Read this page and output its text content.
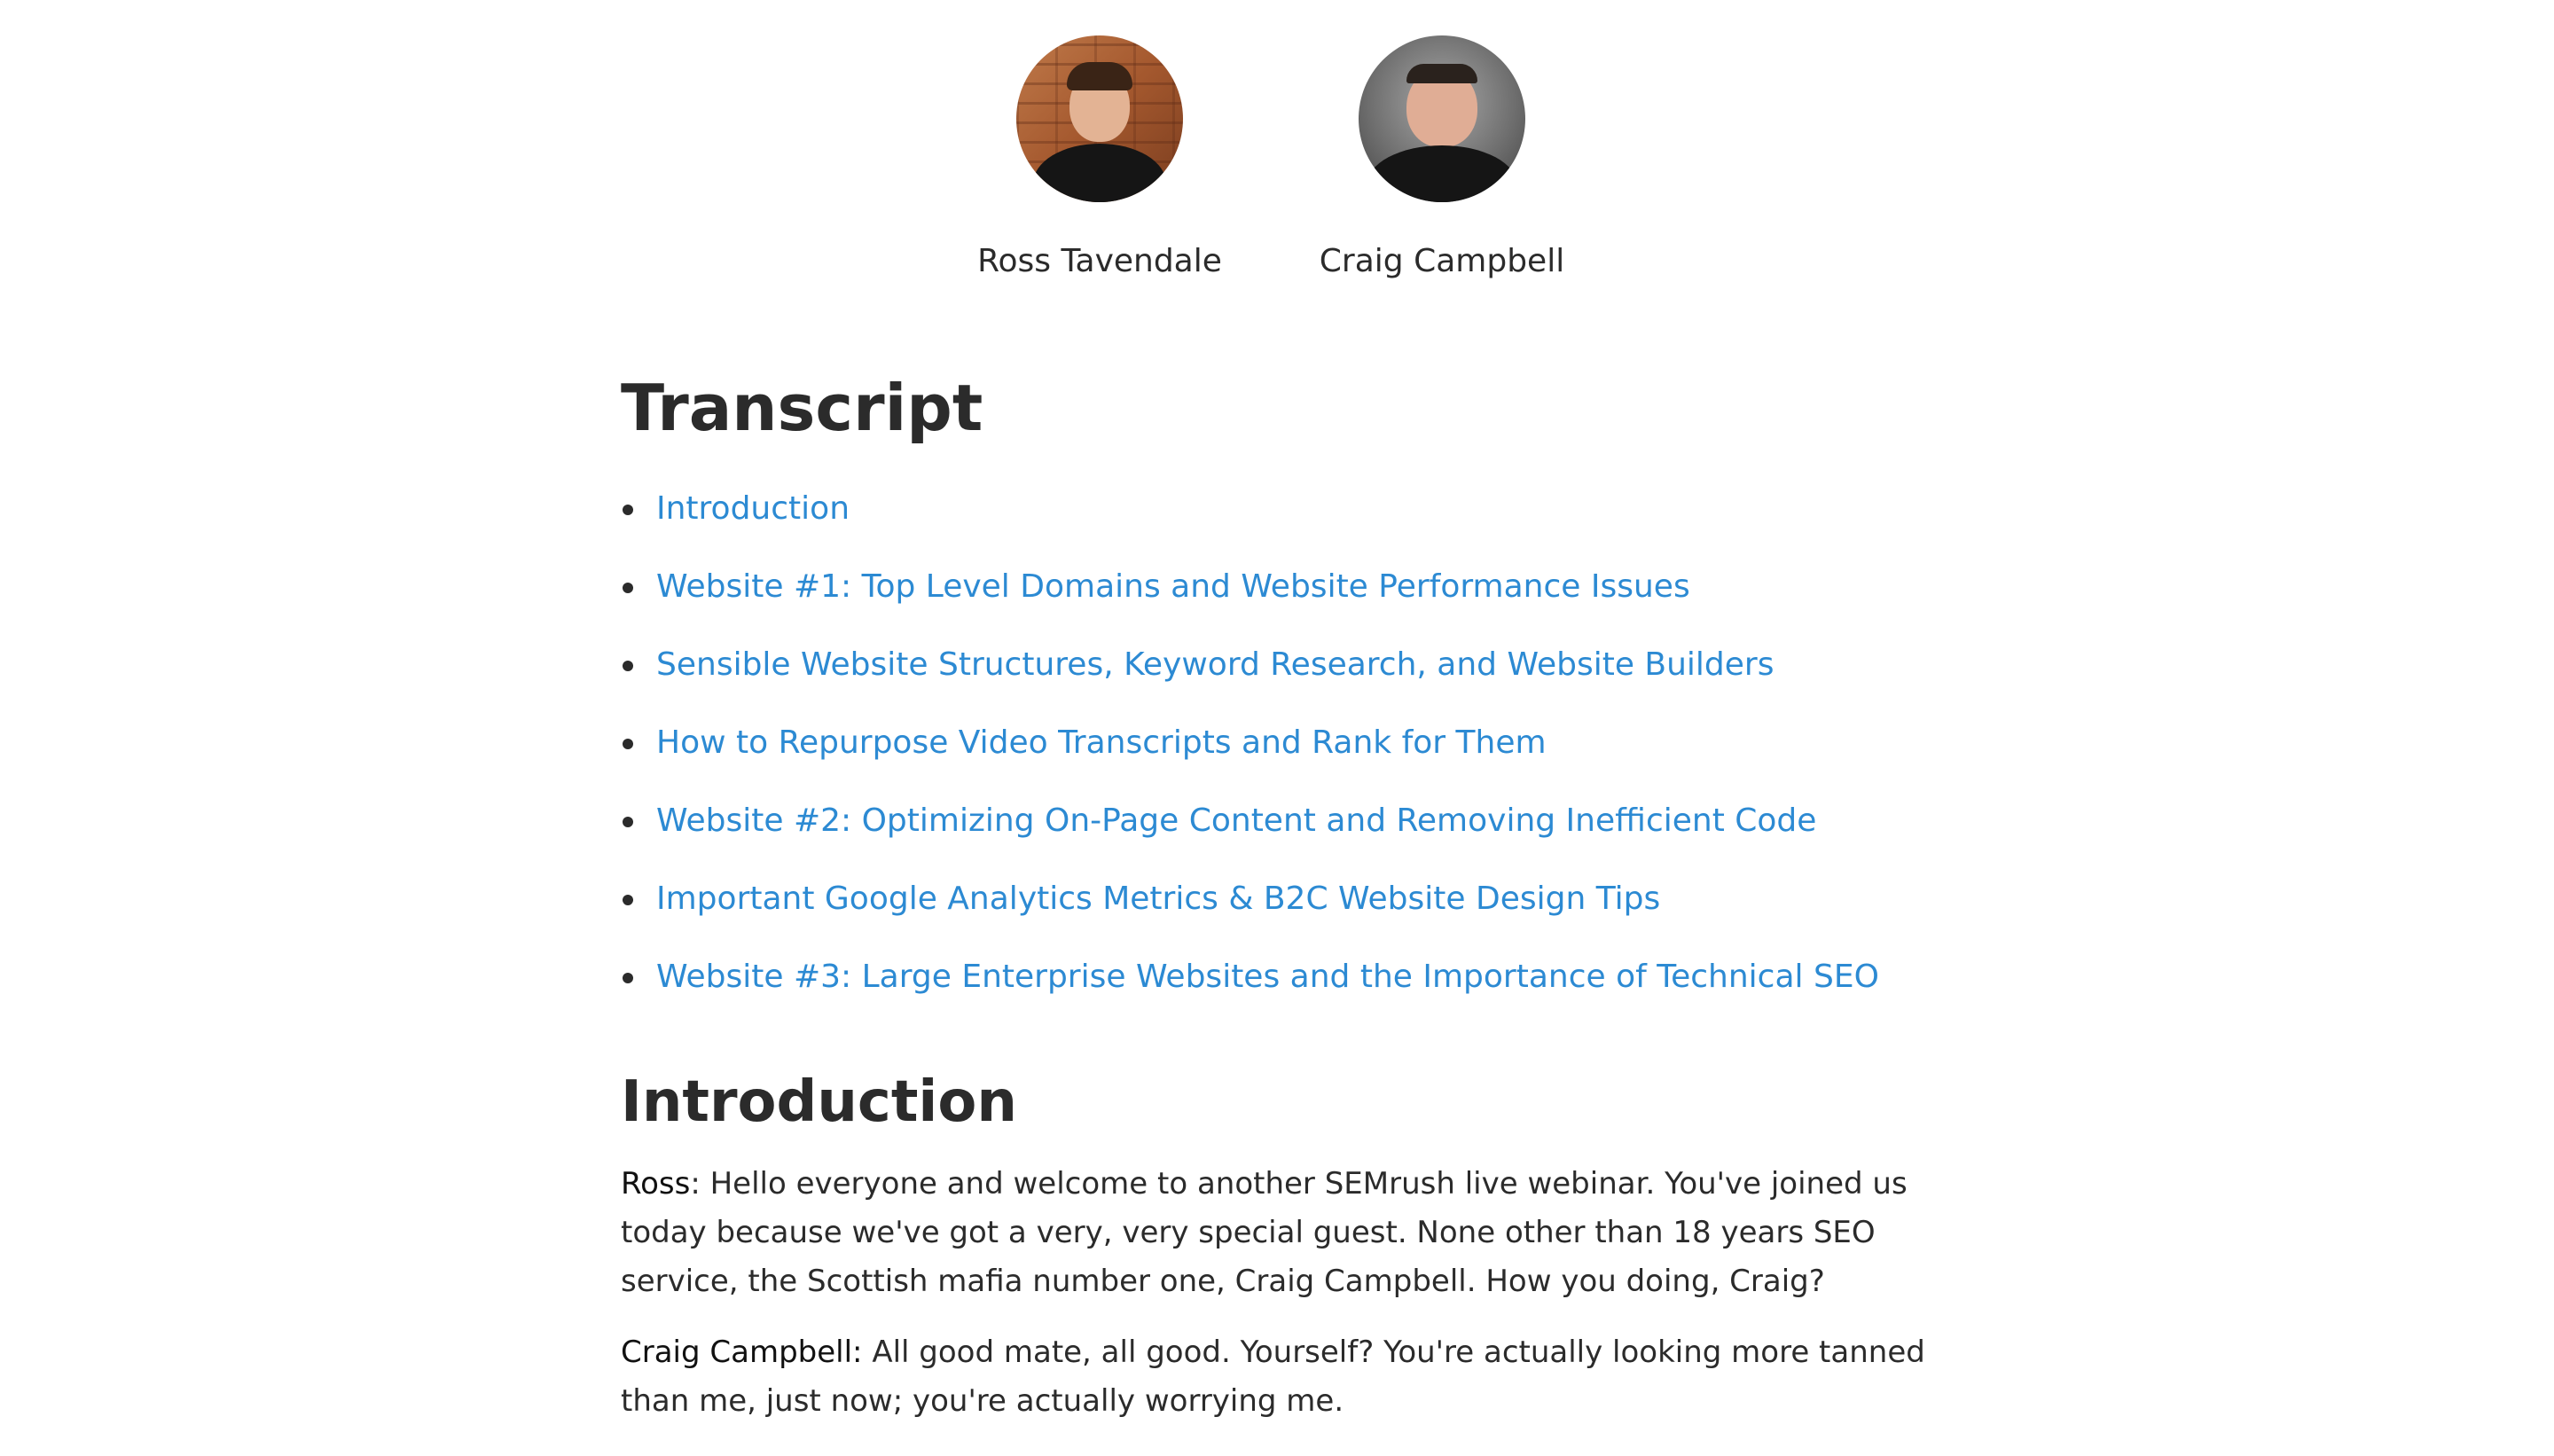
Ross Tavendale	Craig Campbell
Transcript
Introduction
Website #1: Top Level Domains and Website Performance Issues
Sensible Website Structures, Keyword Research, and Website Builders
How to Repurpose Video Transcripts and Rank for Them
Website #2: Optimizing On-Page Content and Removing Inefficient Code
Important Google Analytics Metrics & B2C Website Design Tips
Website #3: Large Enterprise Websites and the Importance of Technical SEO
Introduction

Ross: Hello everyone and welcome to another SEMrush live webinar. You've joined us today because we've got a very, very special guest. None other than 18 years SEO service, the Scottish mafia number one, Craig Campbell. How you doing, Craig?

Craig Campbell: All good mate, all good. Yourself? You're actually looking more tanned than me, just now; you're actually worrying me.
